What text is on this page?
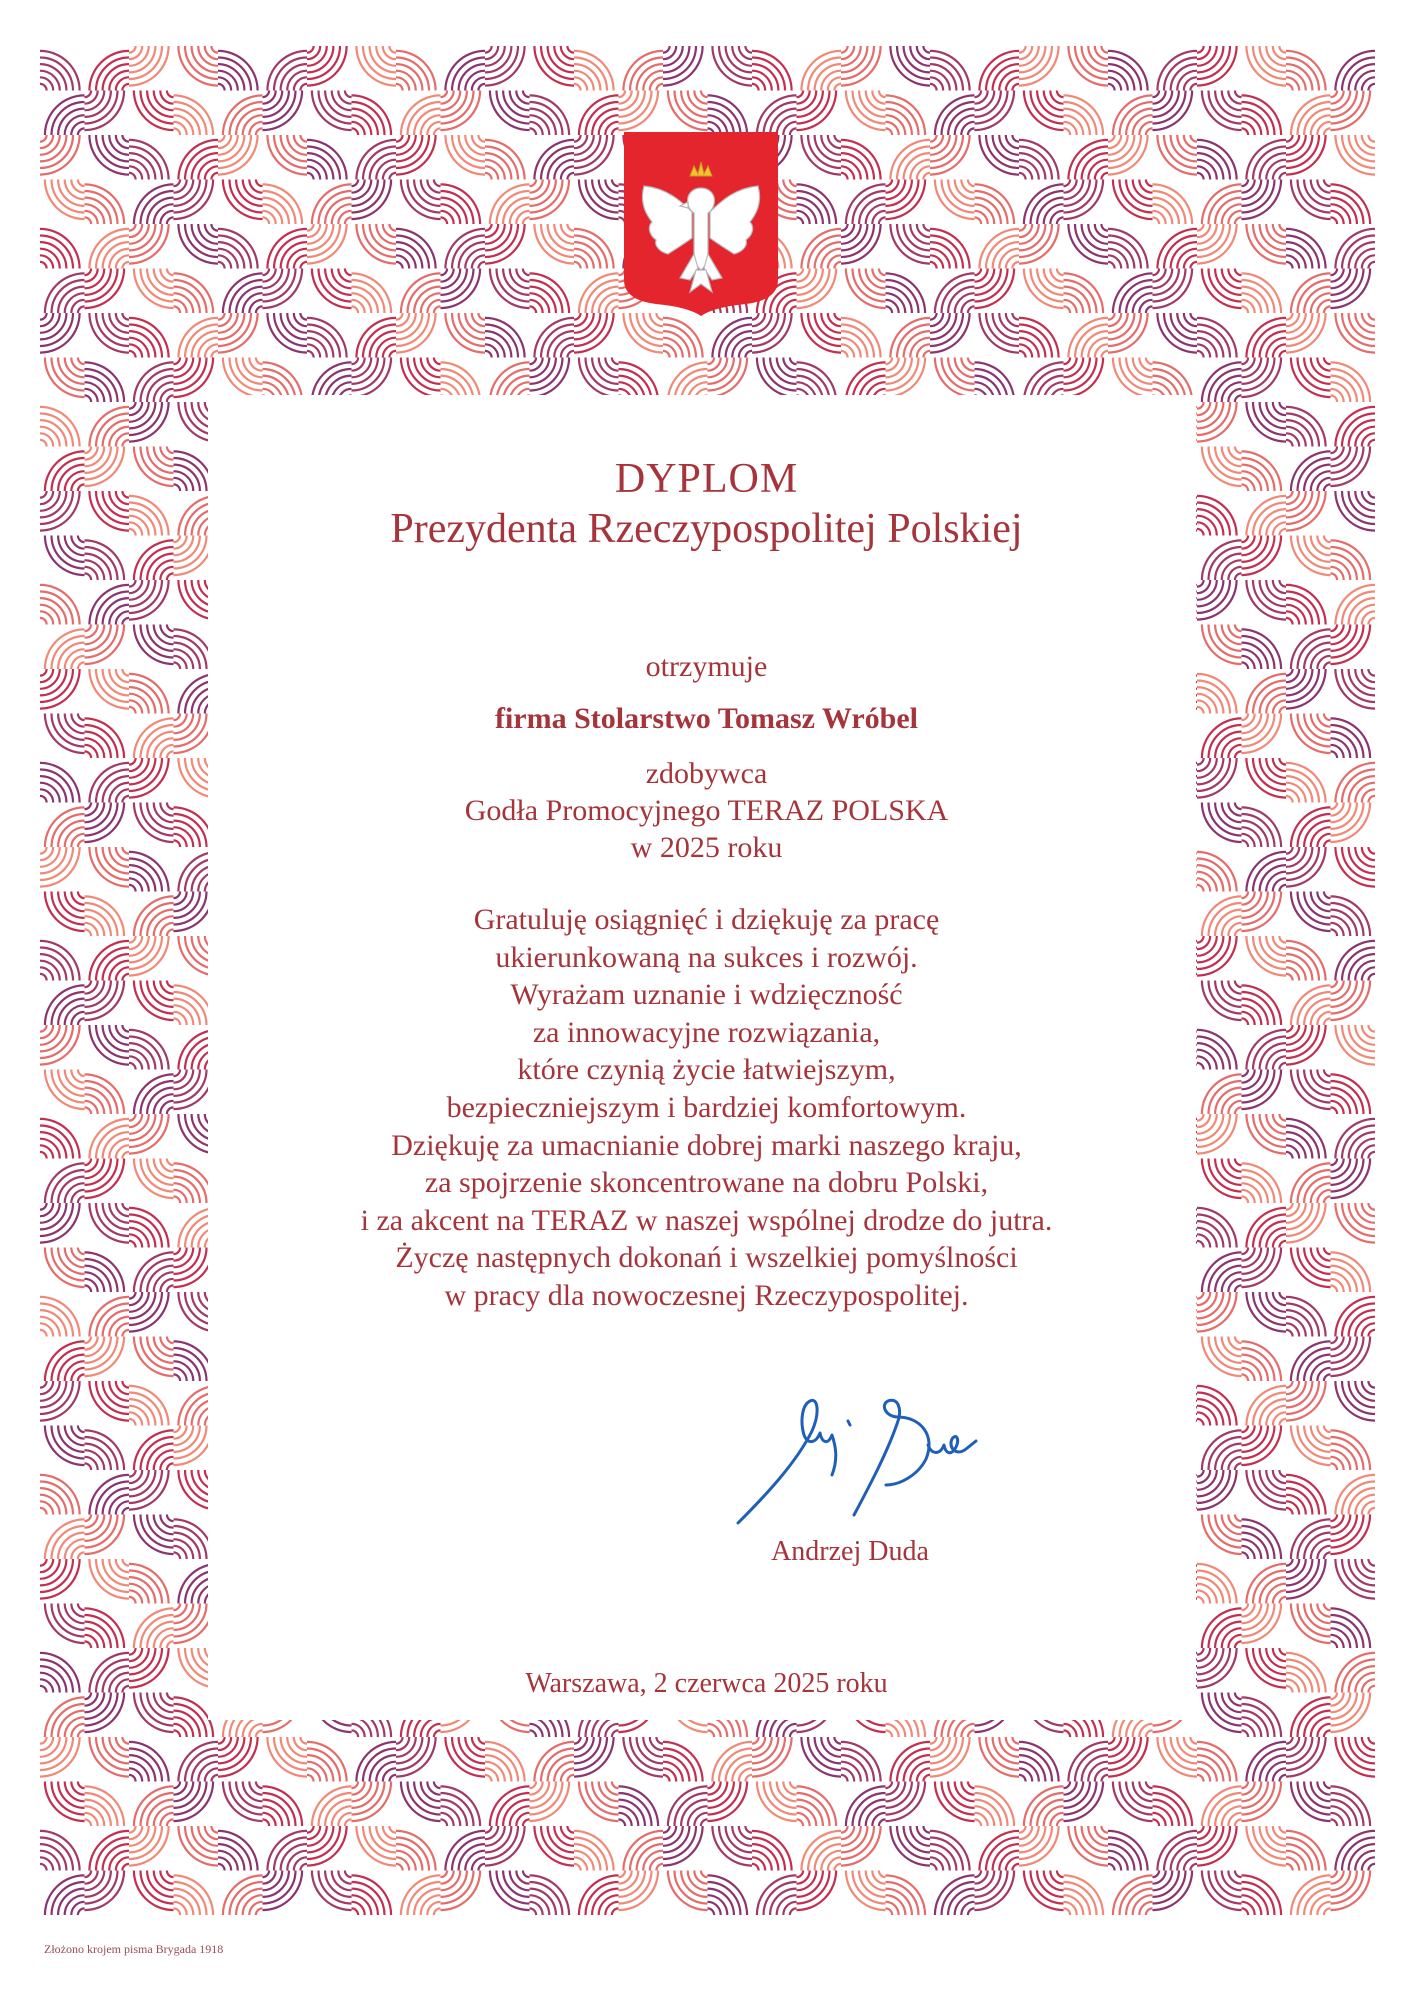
DYPLOM
Prezydenta Rzeczypospolitej Polskiej

otrzymuje

firma Stolarstwo Tomasz Wróbel

zdobywca
Godła Promocyjnego TERAZ POLSKA
w 2025 roku
Gratuluję osiągnięć i dziękuję za pracę
ukierunkowaną na sukces i rozwój.
Wyrażam uznanie i wdzięczność
za innowacyjne rozwiązania,
które czynią życie łatwiejszym,
bezpieczniejszym i bardziej komfortowym.
Dziękuję za umacnianie dobrej marki naszego kraju,
za spojrzenie skoncentrowane na dobru Polski,
i za akcent na TERAZ w naszej wspólnej drodze do jutra.
Życzę następnych dokonań i wszelkiej pomyślności
w pracy dla nowoczesnej Rzeczypospolitej.

Andrzej Duda

Warszawa, 2 czerwca 2025 roku

Złożono krojem pisma Brygada 1918
